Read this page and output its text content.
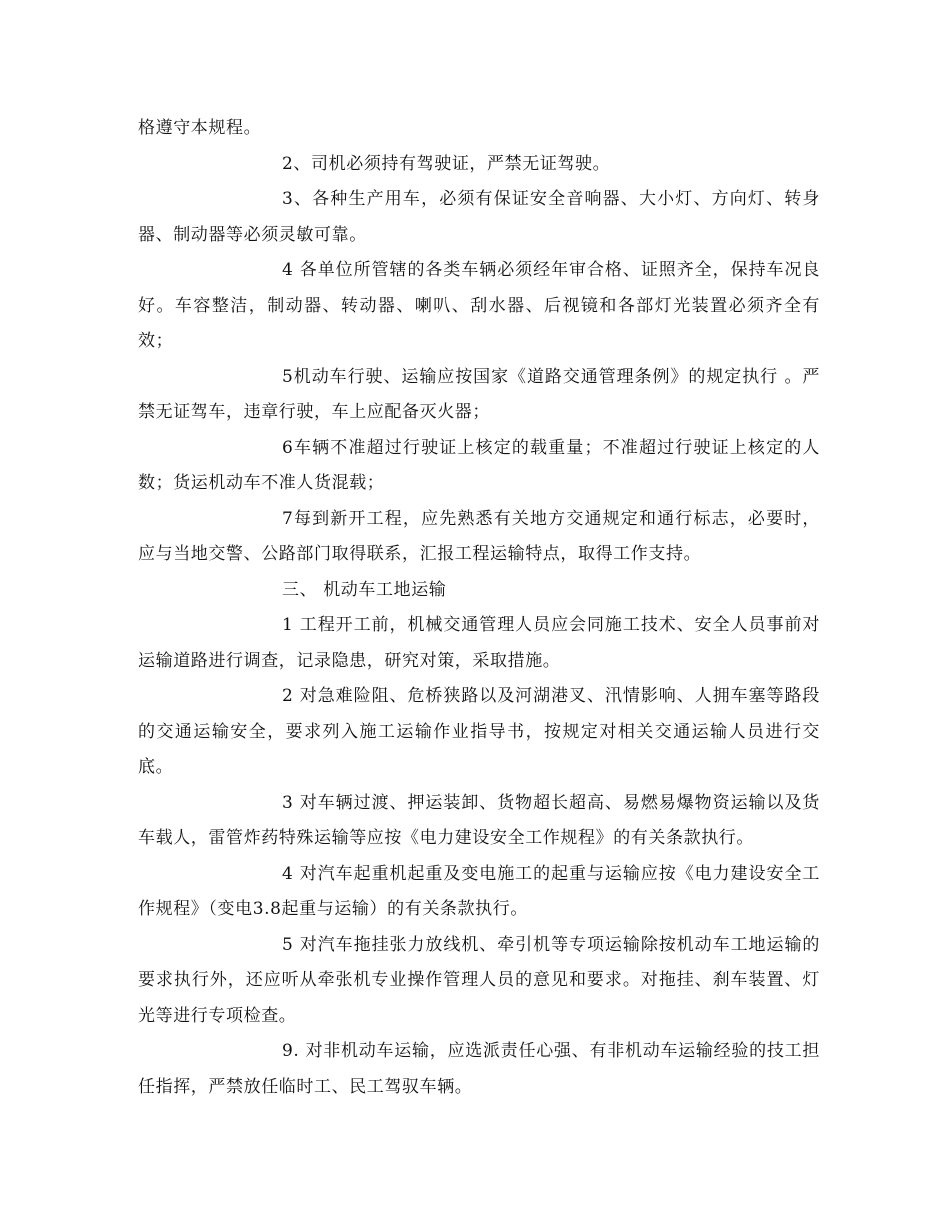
格遵守本规程。

2、司机必须持有驾驶证，严禁无证驾驶。

3、各种生产用车，必须有保证安全音响器、大小灯、方向灯、转身器、制动器等必须灵敏可靠。

4 各单位所管辖的各类车辆必须经年审合格、证照齐全，保持车况良好。车容整洁，制动器、转动器、喇叭、刮水器、后视镜和各部灯光装置必须齐全有效；

5机动车行驶、运输应按国家《道路交通管理条例》的规定执行 。严禁无证驾车，违章行驶，车上应配备灭火器；

6车辆不准超过行驶证上核定的载重量；不准超过行驶证上核定的人数；货运机动车不准人货混载；

7每到新开工程，应先熟悉有关地方交通规定和通行标志，必要时，应与当地交警、公路部门取得联系，汇报工程运输特点，取得工作支持。

三、 机动车工地运输

1 工程开工前，机械交通管理人员应会同施工技术、安全人员事前对运输道路进行调查，记录隐患，研究对策，采取措施。

2 对急难险阻、危桥狭路以及河湖港叉、汛情影响、人拥车塞等路段的交通运输安全，要求列入施工运输作业指导书，按规定对相关交通运输人员进行交底。

3 对车辆过渡、押运装卸、货物超长超高、易燃易爆物资运输以及货车载人，雷管炸药特殊运输等应按《电力建设安全工作规程》的有关条款执行。

4 对汽车起重机起重及变电施工的起重与运输应按《电力建设安全工作规程》（变电3.8起重与运输）的有关条款执行。

5 对汽车拖挂张力放线机、牵引机等专项运输除按机动车工地运输的要求执行外，还应听从牵张机专业操作管理人员的意见和要求。对拖挂、刹车装置、灯光等进行专项检查。

9. 对非机动车运输，应选派责任心强、有非机动车运输经验的技工担任指挥，严禁放任临时工、民工驾驭车辆。
